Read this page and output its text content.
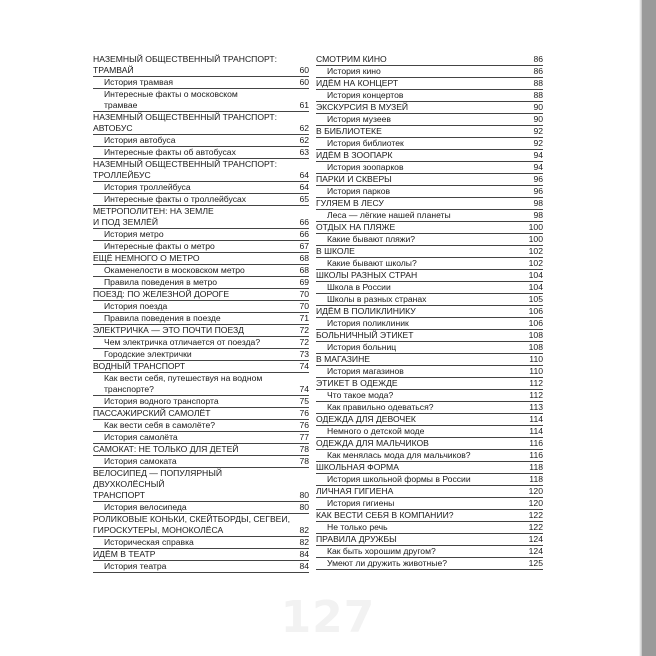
НАЗЕМНЫЙ ОБЩЕСТВЕННЫЙ ТРАНСПОРТ:
ТРАМВАЙ	60
История трамвая	60
Интересные факты о московском
трамвае	61
НАЗЕМНЫЙ ОБЩЕСТВЕННЫЙ ТРАНСПОРТ:
АВТОБУС	62
История автобуса	62
Интересные факты об автобусах	63
НАЗЕМНЫЙ ОБЩЕСТВЕННЫЙ ТРАНСПОРТ:
ТРОЛЛЕЙБУС	64
История троллейбуса	64
Интересные факты о троллейбусах	65
МЕТРОПОЛИТЕН: НА ЗЕМЛЕ
И ПОД ЗЕМЛЁЙ	66
История метро	66
Интересные факты о метро	67
ЕЩЁ НЕМНОГО О МЕТРО	68
Окаменелости в московском метро	68
Правила поведения в метро	69
ПОЕЗД: ПО ЖЕЛЕЗНОЙ ДОРОГЕ	70
История поезда	70
Правила поведения в поезде	71
ЭЛЕКТРИЧКА — ЭТО ПОЧТИ ПОЕЗД	72
Чем электричка отличается от поезда?	72
Городские электрички	73
ВОДНЫЙ ТРАНСПОРТ	74
Как вести себя, путешествуя на водном
транспорте?	74
История водного транспорта	75
ПАССАЖИРСКИЙ САМОЛЁТ	76
Как вести себя в самолёте?	76
История самолёта	77
САМОКАТ: НЕ ТОЛЬКО ДЛЯ ДЕТЕЙ	78
История самоката	78
ВЕЛОСИПЕД — ПОПУЛЯРНЫЙ ДВУХКОЛЁСНЫЙ
ТРАНСПОРТ	80
История велосипеда	80
РОЛИКОВЫЕ КОНЬКИ, СКЕЙТБОРДЫ, СЕГВЕИ,
ГИРОСКУТЕРЫ, МОНОКОЛЁСА	82
Историческая справка	82
ИДЁМ В ТЕАТР	84
История театра	84
СМОТРИМ КИНО	86
История кино	86
ИДЁМ НА КОНЦЕРТ	88
История концертов	88
ЭКСКУРСИЯ В МУЗЕЙ	90
История музеев	90
В БИБЛИОТЕКЕ	92
История библиотек	92
ИДЁМ В ЗООПАРК	94
История зоопарков	94
ПАРКИ И СКВЕРЫ	96
История парков	96
ГУЛЯЕМ В ЛЕСУ	98
Леса — лёгкие нашей планеты	98
ОТДЫХ НА ПЛЯЖЕ	100
Какие бывают пляжи?	100
В ШКОЛЕ	102
Какие бывают школы?	102
ШКОЛЫ РАЗНЫХ СТРАН	104
Школа в России	104
Школы в разных странах	105
ИДЁМ В ПОЛИКЛИНИКУ	106
История поликлиник	106
БОЛЬНИЧНЫЙ ЭТИКЕТ	108
История больниц	108
В МАГАЗИНЕ	110
История магазинов	110
ЭТИКЕТ В ОДЕЖДЕ	112
Что такое мода?	112
Как правильно одеваться?	113
ОДЕЖДА ДЛЯ ДЕВОЧЕК	114
Немного о детской моде	114
ОДЕЖДА ДЛЯ МАЛЬЧИКОВ	116
Как менялась мода для мальчиков?	116
ШКОЛЬНАЯ ФОРМА	118
История школьной формы в России	118
ЛИЧНАЯ ГИГИЕНА	120
История гигиены	120
КАК ВЕСТИ СЕБЯ В КОМПАНИИ?	122
Не только речь	122
ПРАВИЛА ДРУЖБЫ	124
Как быть хорошим другом?	124
Умеют ли дружить животные?	125
127
